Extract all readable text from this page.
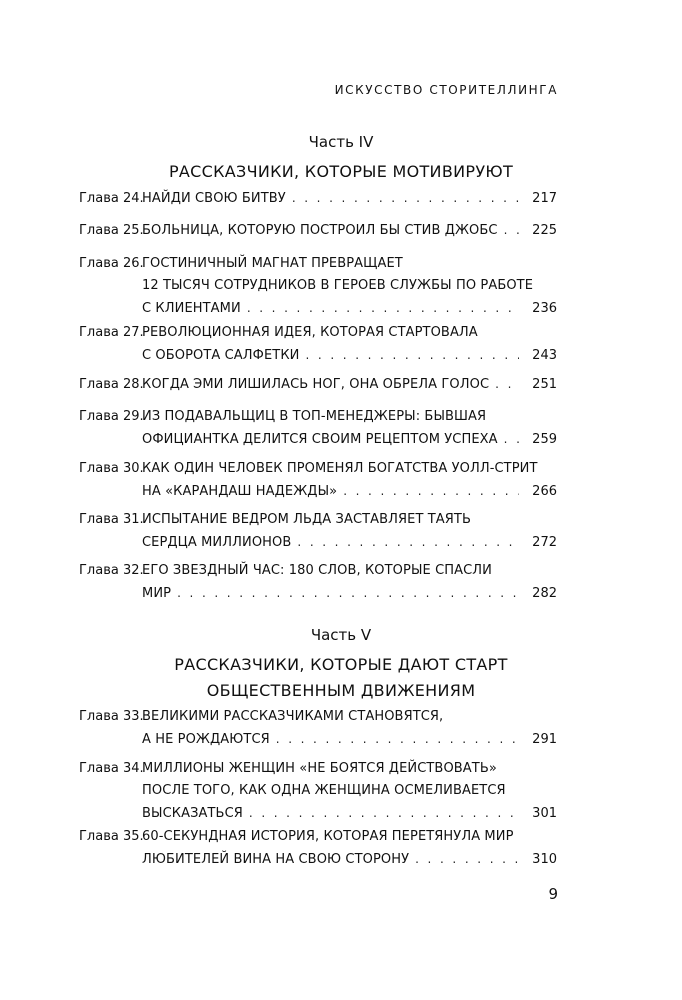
ИСКУССТВО СТОРИТЕЛЛИНГА
Часть IV
РАССКАЗЧИКИ, КОТОРЫЕ МОТИВИРУЮТ
Глава 24.
НАЙДИ СВОЮ БИТВУ . . .	217
Глава 25.
БОЛЬНИЦА, КОТОРУЮ ПОСТРОИЛ БЫ СТИВ ДЖОБС . . .	225
Глава 26.
ГОСТИНИЧНЫЙ МАГНАТ ПРЕВРАЩАЕТ
12 ТЫСЯЧ СОТРУДНИКОВ В ГЕРОЕВ СЛУЖБЫ ПО РАБОТЕ
С КЛИЕНТАМИ . . .	236
Глава 27.
РЕВОЛЮЦИОННАЯ ИДЕЯ, КОТОРАЯ СТАРТОВАЛА
С ОБОРОТА САЛФЕТКИ . . .	243
Глава 28.
КОГДА ЭМИ ЛИШИЛАСЬ НОГ, ОНА ОБРЕЛА ГОЛОС . . .	251
Глава 29.
ИЗ ПОДАВАЛЬЩИЦ В ТОП-МЕНЕДЖЕРЫ: БЫВШАЯ
ОФИЦИАНТКА ДЕЛИТСЯ СВОИМ РЕЦЕПТОМ УСПЕХА . . .	259
Глава 30.
КАК ОДИН ЧЕЛОВЕК ПРОМЕНЯЛ БОГАТСТВА УОЛЛ-СТРИТ
НА «КАРАНДАШ НАДЕЖДЫ» . . .	266
Глава 31.
ИСПЫТАНИЕ ВЕДРОМ ЛЬДА ЗАСТАВЛЯЕТ ТАЯТЬ
СЕРДЦА МИЛЛИОНОВ . . .	272
Глава 32.
ЕГО ЗВЕЗДНЫЙ ЧАС: 180 СЛОВ, КОТОРЫЕ СПАСЛИ
МИР . . .	282
Часть V
РАССКАЗЧИКИ, КОТОРЫЕ ДАЮТ СТАРТ
ОБЩЕСТВЕННЫМ ДВИЖЕНИЯМ
Глава 33.
ВЕЛИКИМИ РАССКАЗЧИКАМИ СТАНОВЯТСЯ,
А НЕ РОЖДАЮТСЯ . . .	291
Глава 34.
МИЛЛИОНЫ ЖЕНЩИН «НЕ БОЯТСЯ ДЕЙСТВОВАТЬ»
ПОСЛЕ ТОГО, КАК ОДНА ЖЕНЩИНА ОСМЕЛИВАЕТСЯ
ВЫСКАЗАТЬСЯ . . .	301
Глава 35.
60-СЕКУНДНАЯ ИСТОРИЯ, КОТОРАЯ ПЕРЕТЯНУЛА МИР
ЛЮБИТЕЛЕЙ ВИНА НА СВОЮ СТОРОНУ . . .	310
9
